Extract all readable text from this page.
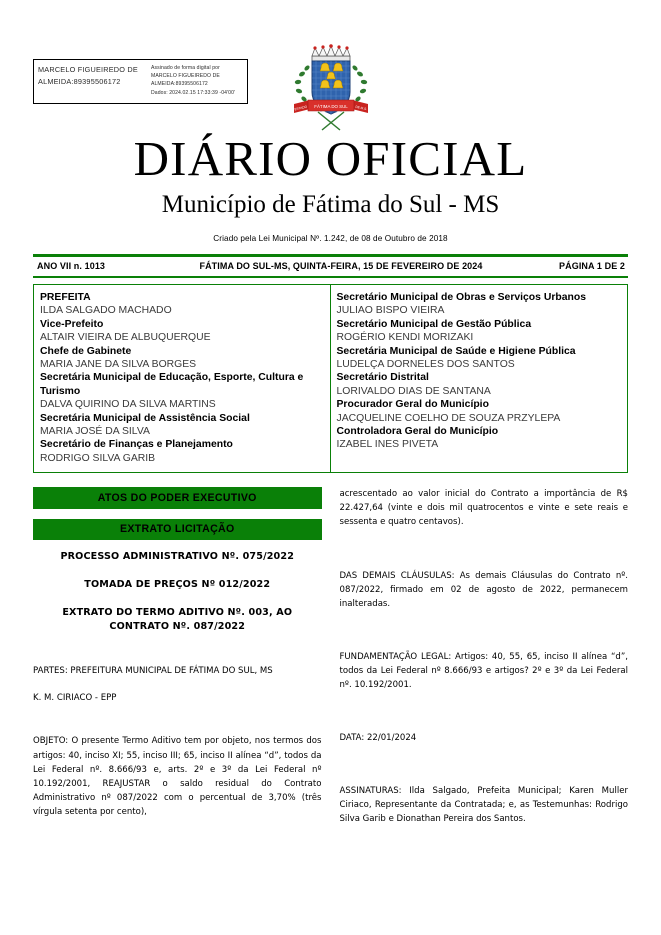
MARCELO FIGUEIREDO DE
ALMEIDA:89395506172

Assinado de forma digital por
MARCELO FIGUEIREDO DE
ALMEIDA:89395506172
Dados: 2024.02.15 17:33:39 -04'00'
FÁTIMA DO SUL
ESTADO	DE M.S.
DIÁRIO OFICIAL
Município de Fátima do Sul - MS
Criado pela Lei Municipal Nº. 1.242, de 08 de Outubro de 2018
ANO VII n. 1013	FÁTIMA DO SUL-MS, QUINTA-FEIRA, 15 DE FEVEREIRO DE 2024	PÁGINA 1 DE 2
PREFEITA
ILDA SALGADO MACHADO
Vice-Prefeito
ALTAIR VIEIRA DE ALBUQUERQUE
Chefe de Gabinete
MARIA JANE DA SILVA BORGES
Secretária Municipal de Educação, Esporte, Cultura e Turismo
DALVA QUIRINO DA SILVA MARTINS
Secretária Municipal de Assistência Social
MARIA JOSÉ DA SILVA
Secretário de Finanças e Planejamento
RODRIGO SILVA GARIB
Secretário Municipal de Obras e Serviços Urbanos
JULIAO BISPO VIEIRA
Secretário Municipal de Gestão Pública
ROGÉRIO KENDI MORIZAKI
Secretária Municipal de Saúde e Higiene Pública
LUDELÇA DORNELES DOS SANTOS
Secretário Distrital
LORIVALDO DIAS DE SANTANA
Procurador Geral do Município
JACQUELINE COELHO DE SOUZA PRZYLEPA
Controladora Geral do Município
IZABEL INES PIVETA
ATOS DO PODER EXECUTIVO
EXTRATO LICITAÇÃO
PROCESSO ADMINISTRATIVO Nº. 075/2022
TOMADA DE PREÇOS Nº 012/2022
EXTRATO DO TERMO ADITIVO Nº. 003, AO
CONTRATO Nº. 087/2022
PARTES: PREFEITURA MUNICIPAL DE FÁTIMA DO SUL, MS
K. M. CIRIACO - EPP
OBJETO: O presente Termo Aditivo tem por objeto, nos termos dos artigos: 40, inciso XI; 55, inciso III; 65, inciso II alínea “d”, todos da Lei Federal nº. 8.666/93 e, arts. 2º e 3º da Lei Federal nº 10.192/2001, REAJUSTAR o saldo residual do Contrato Administrativo nº 087/2022 com o percentual de 3,70% (três vírgula setenta por cento),
acrescentado ao valor inicial do Contrato a importância de R$ 22.427,64 (vinte e dois mil quatrocentos e vinte e sete reais e sessenta e quatro centavos).
DAS DEMAIS CLÁUSULAS: As demais Cláusulas do Contrato nº. 087/2022, firmado em 02 de agosto de 2022, permanecem inalteradas.
FUNDAMENTAÇÃO LEGAL: Artigos: 40, 55, 65, inciso II alínea “d”, todos da Lei Federal nº 8.666/93 e artigos? 2º e 3º da Lei Federal nº. 10.192/2001.
DATA: 22/01/2024
ASSINATURAS: Ilda Salgado, Prefeita Municipal; Karen Muller Ciriaco, Representante da Contratada; e, as Testemunhas: Rodrigo Silva Garib e Dionathan Pereira dos Santos.
